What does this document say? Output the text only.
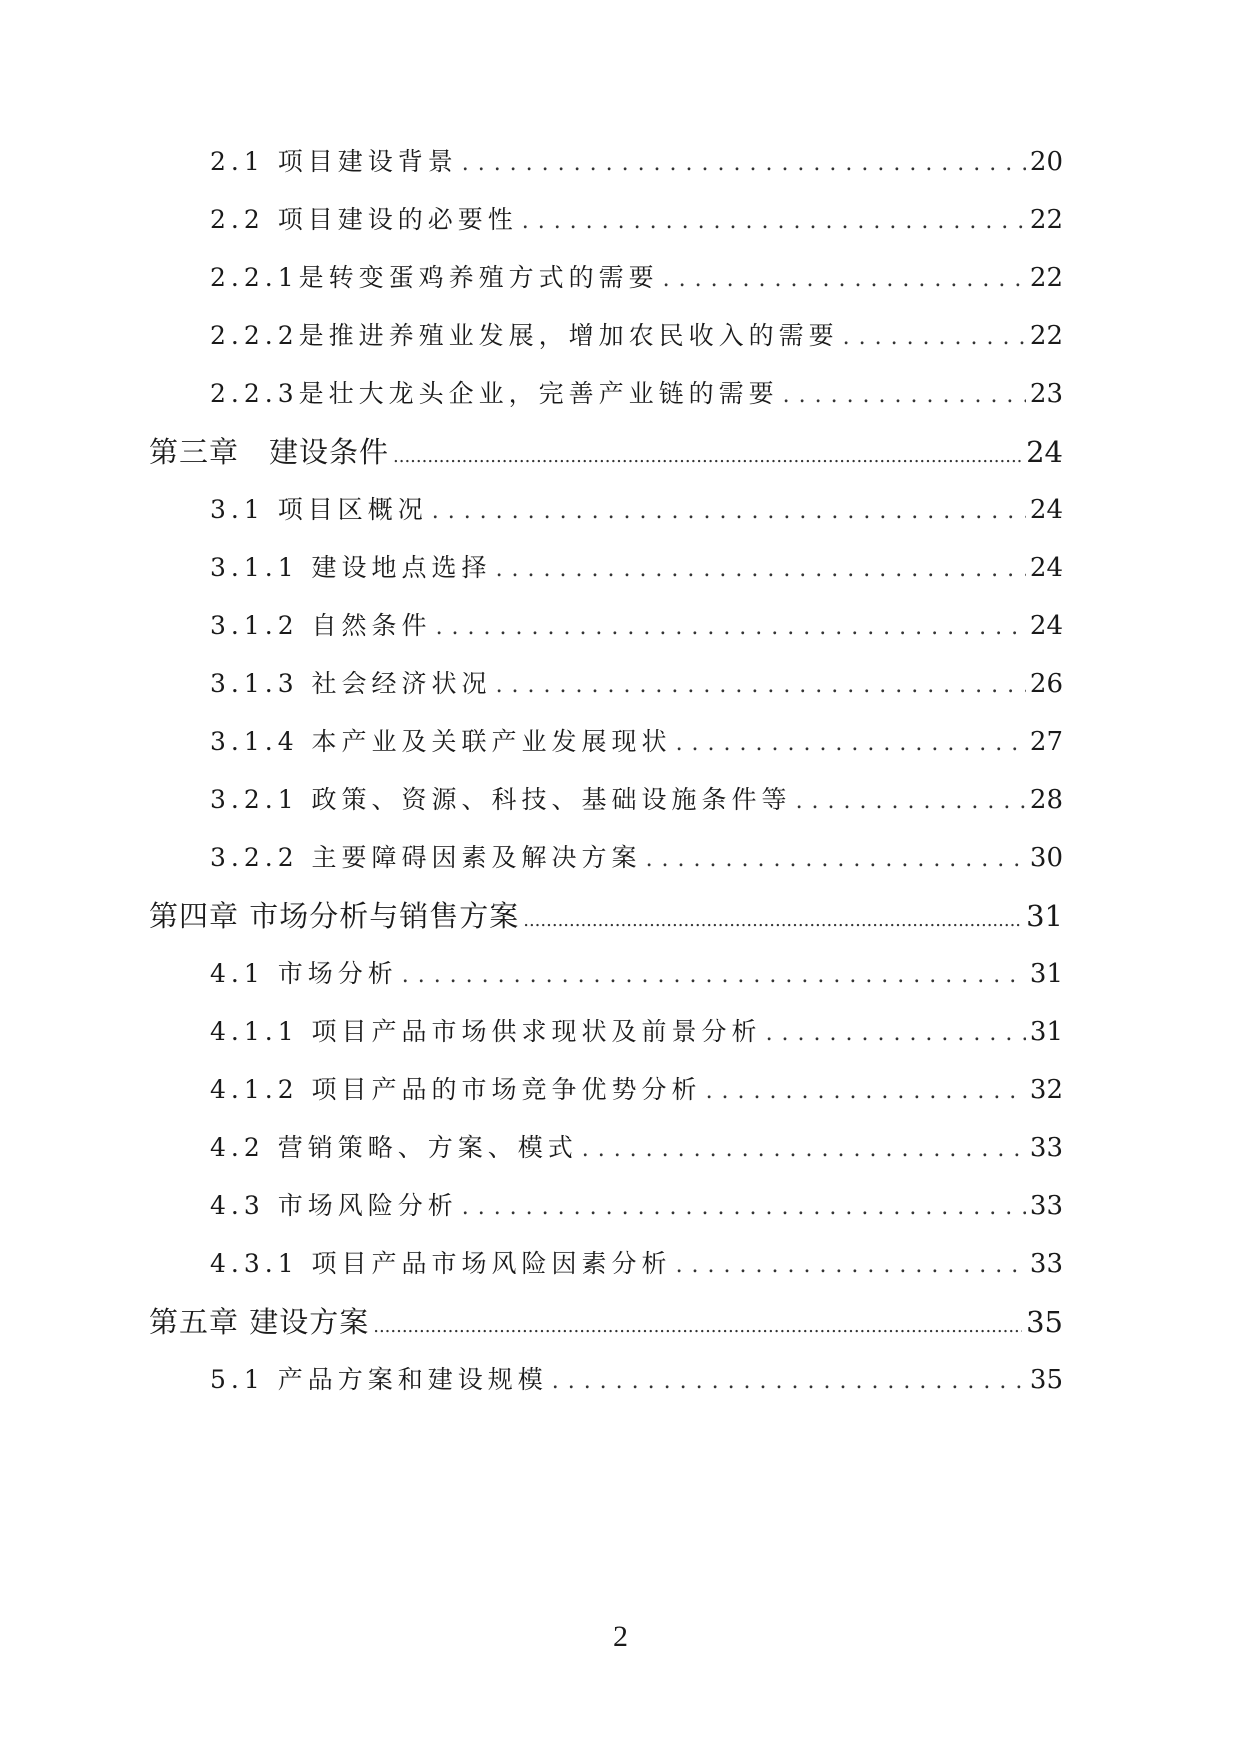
2.1 项目建设背景 . . .	20
2.2 项目建设的必要性 . . .	22
2.2.1是转变蛋鸡养殖方式的需要 . . .	22
2.2.2是推进养殖业发展，增加农民收入的需要 . . .	22
2.2.3是壮大龙头企业，完善产业链的需要 . . .	23
第三章　建设条件 .....	24
3.1 项目区概况 . . .	24
3.1.1 建设地点选择 . . .	24
3.1.2 自然条件 . . .	24
3.1.3 社会经济状况 . . .	26
3.1.4 本产业及关联产业发展现状 . . .	27
3.2.1 政策、资源、科技、基础设施条件等 . . .	28
3.2.2 主要障碍因素及解决方案 . . .	30
第四章 市场分析与销售方案 .....	31
4.1 市场分析 . . .	31
4.1.1 项目产品市场供求现状及前景分析 . . .	31
4.1.2 项目产品的市场竞争优势分析 . . .	32
4.2 营销策略、方案、模式 . . .	33
4.3 市场风险分析 . . .	33
4.3.1 项目产品市场风险因素分析 . . .	33
第五章 建设方案 .....	35
5.1 产品方案和建设规模 . . .	35
2
